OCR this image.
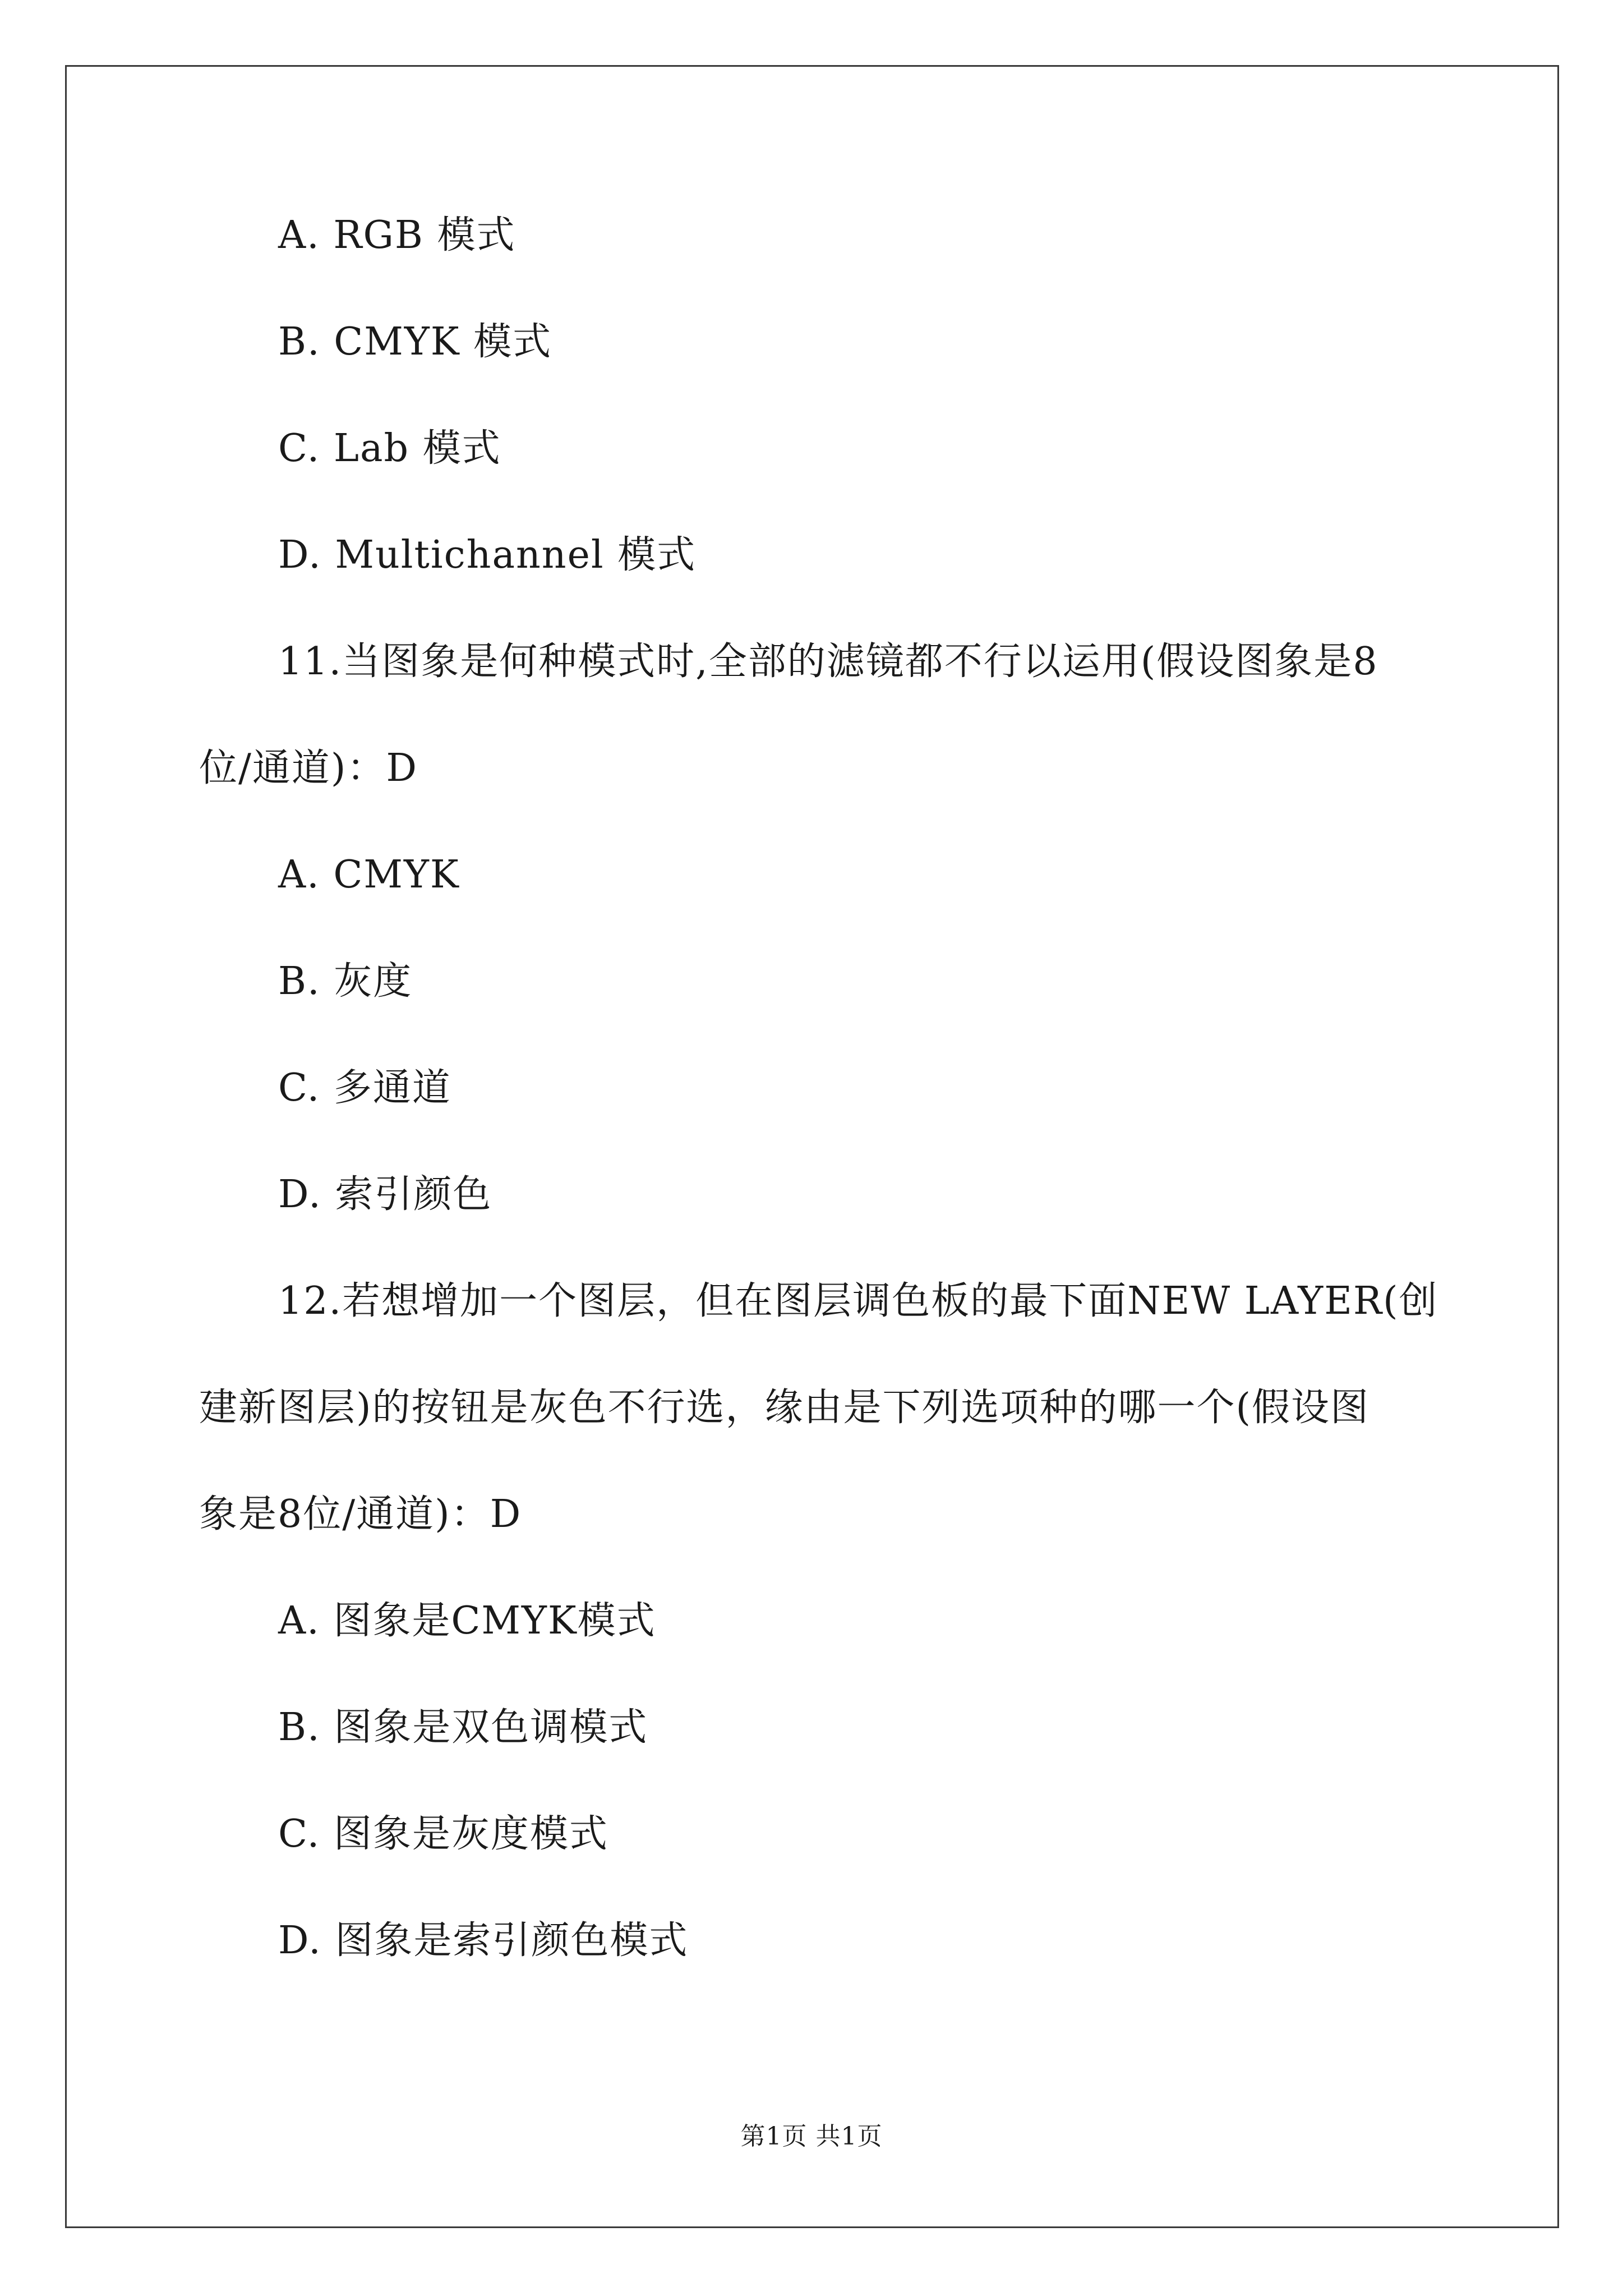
A. RGB 模式
B. CMYK 模式
C. Lab 模式
D. Multichannel 模式
11.当图象是何种模式时,全部的滤镜都不行以运用(假设图象是8
位/通道)：D
A. CMYK
B. 灰度
C. 多通道
D. 索引颜色
12.若想增加一个图层，但在图层调色板的最下面NEW LAYER(创
建新图层)的按钮是灰色不行选，缘由是下列选项种的哪一个(假设图
象是8位/通道)：D
A. 图象是CMYK模式
B. 图象是双色调模式
C. 图象是灰度模式
D. 图象是索引颜色模式
第1页 共1页
